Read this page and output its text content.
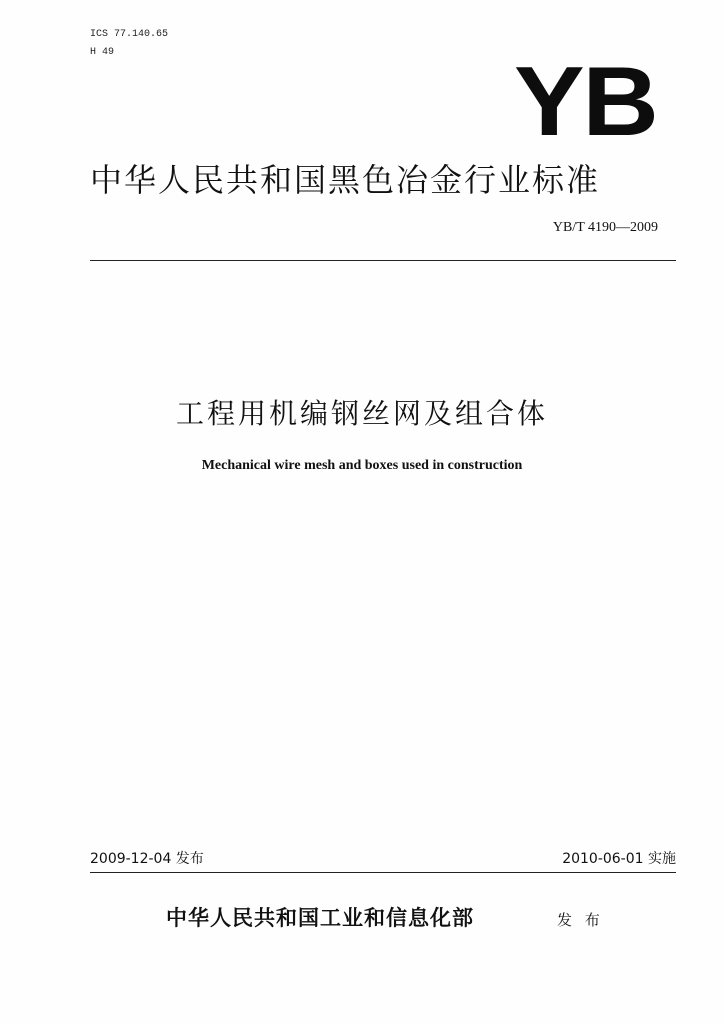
ICS 77.140.65
H 49	YB
中华人民共和国黑色冶金行业标准
YB/T 4190—2009
工程用机编钢丝网及组合体
Mechanical wire mesh and boxes used in construction
2009-12-04 发布	2010-06-01 实施
中华人民共和国工业和信息化部	发 布
